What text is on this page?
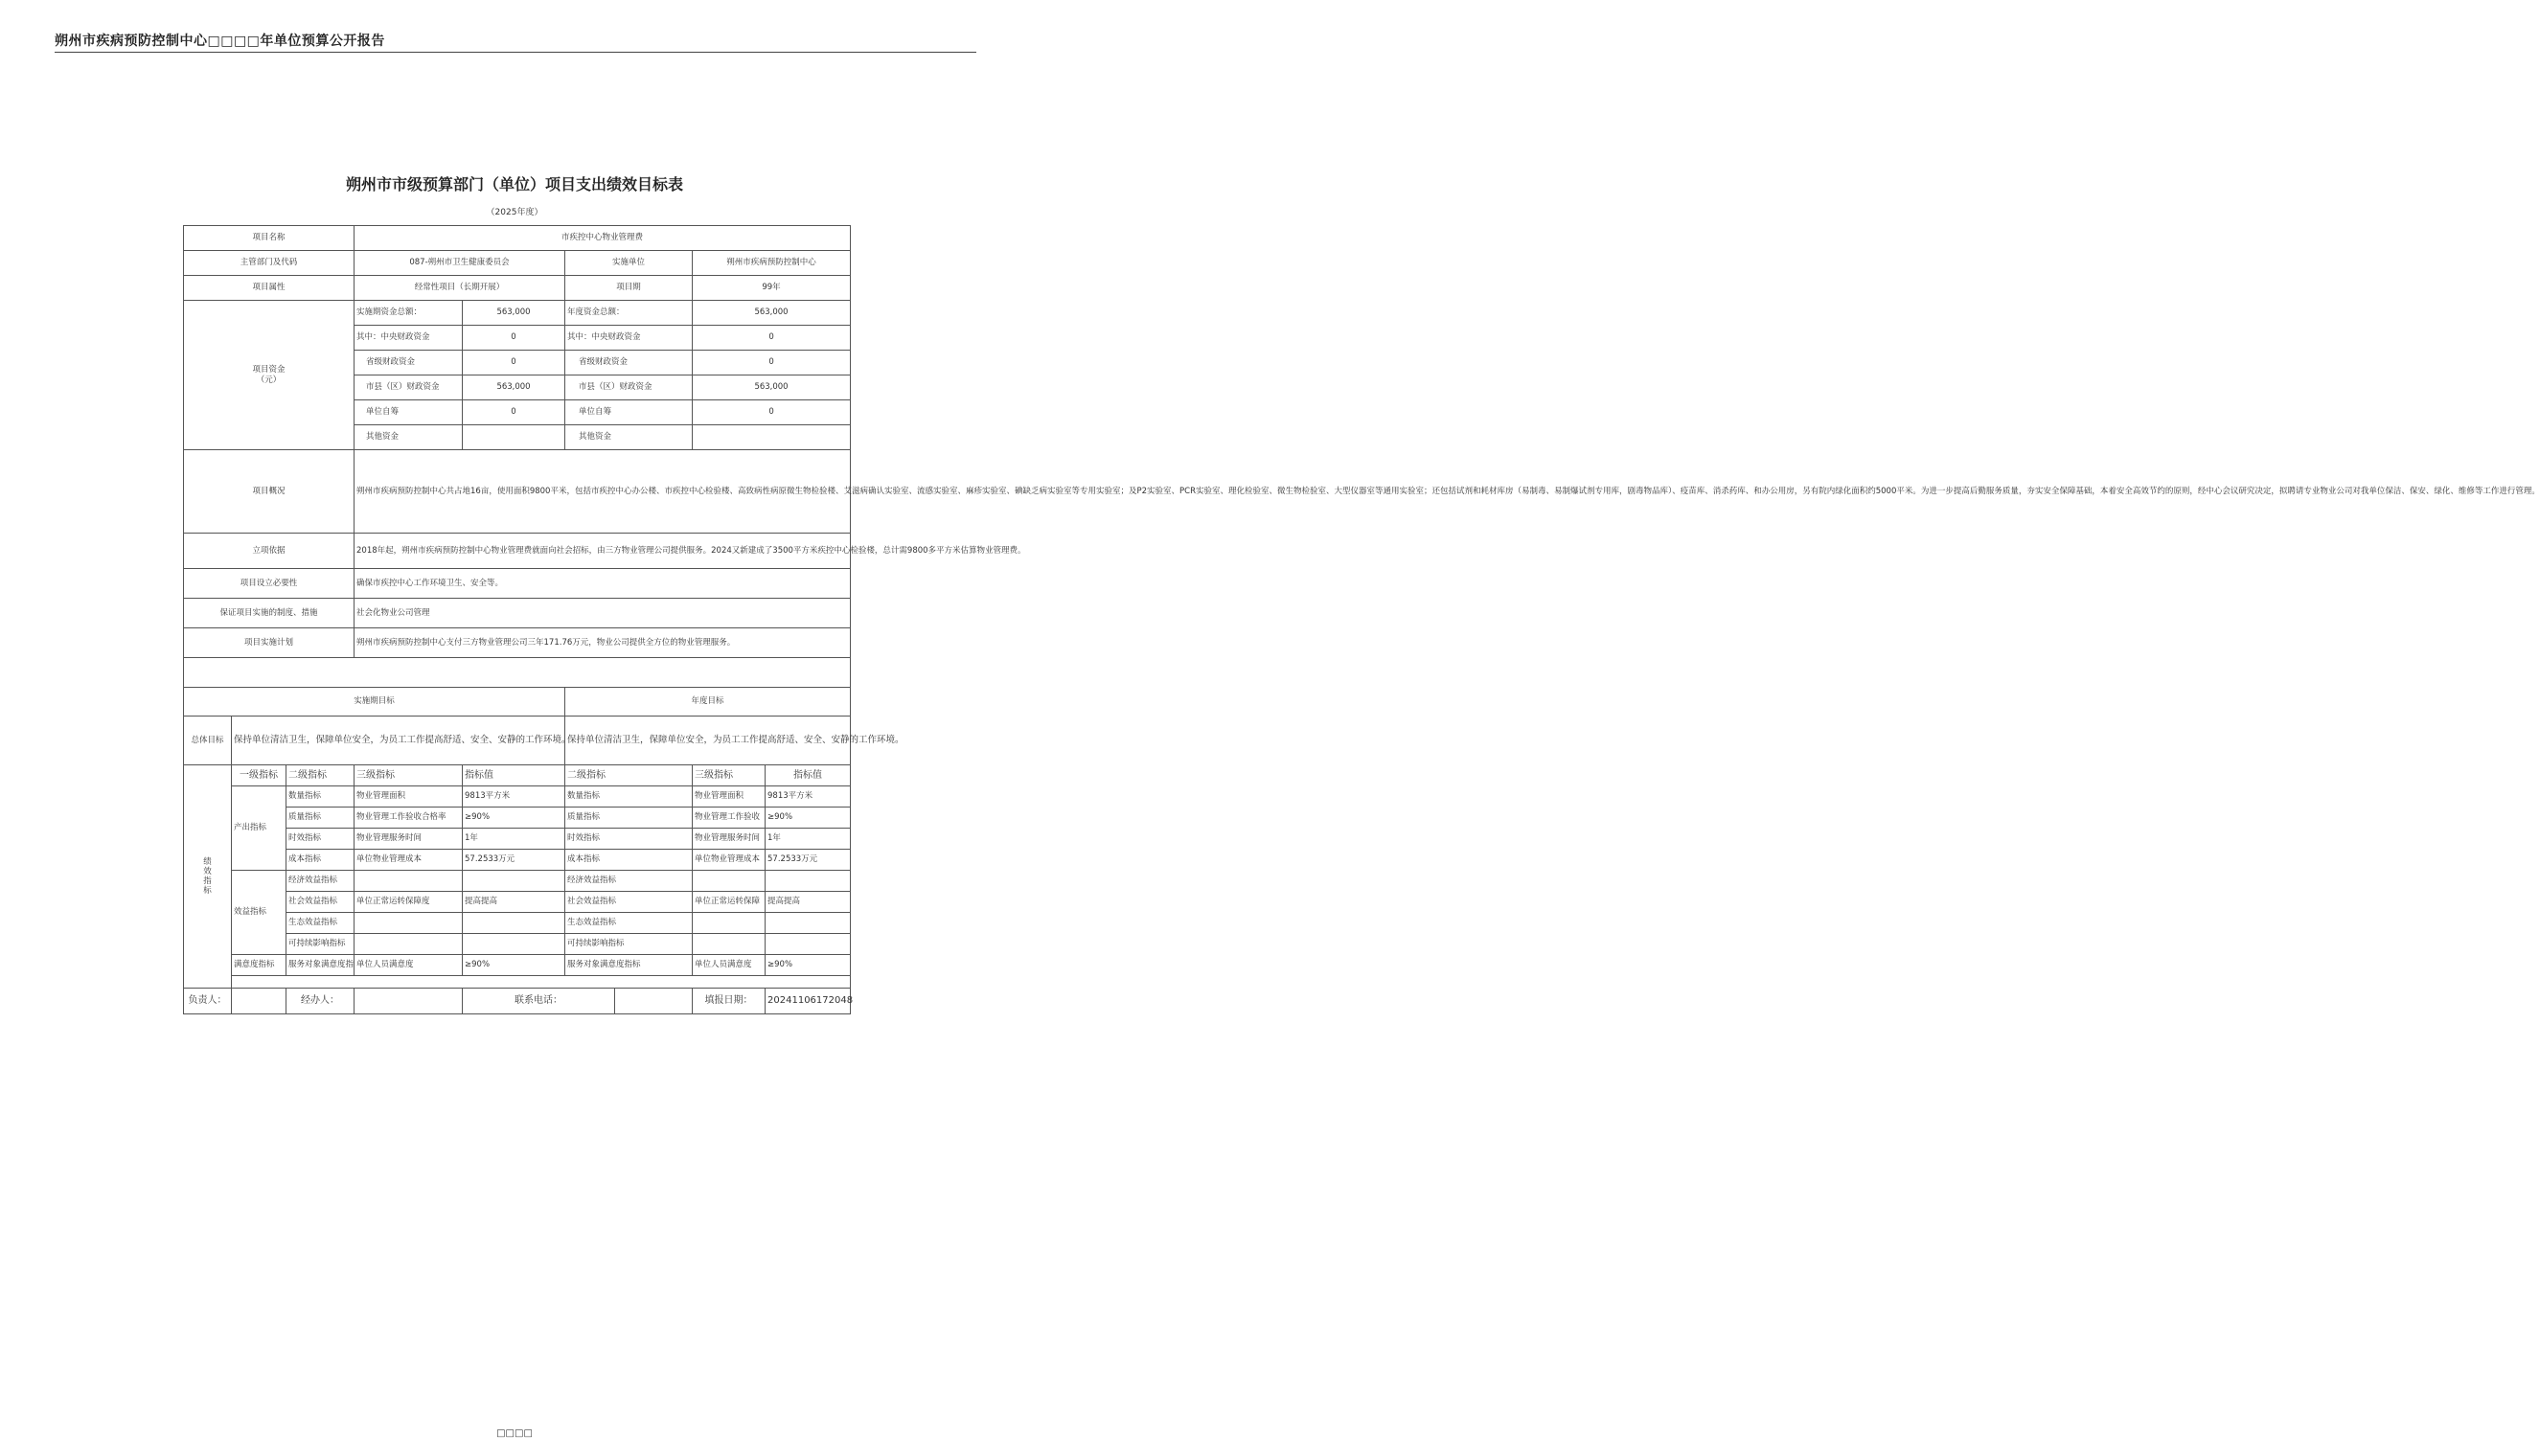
朔州市疾病预防控制中心□□□□年单位预算公开报告
朔州市市级预算部门（单位）项目支出绩效目标表
（2025年度）
项目名称			市疾控中心物业管理费					
主管部门及代码			087-朔州市卫生健康委员会		实施单位		朔州市疾病预防控制中心	
项目属性			经常性项目（长期开展）		项目期		99年	
项目资金
（元）			实施期资金总额：	563,000	年度资金总额：		563,000	
			其中：中央财政资金	0	其中：中央财政资金		0	
			省级财政资金	0	省级财政资金		0	
			市县（区）财政资金	563,000	市县（区）财政资金		563,000	
			单位自筹	0	单位自筹		0	
			其他资金		其他资金			
项目概况			朔州市疾病预防控制中心共占地16亩，使用面积9800平米，包括市疾控中心办公楼、市疾控中心检验楼、高致病性病原微生物检验楼、艾滋病确认实验室、流感实验室、麻疹实验室、碘缺乏病实验室等专用实验室；及P2实验室、PCR实验室、理化检验室、微生物检验室、大型仪器室等通用实验室；还包括试剂和耗材库房（易制毒、易制爆试剂专用库，剧毒物品库）、疫苗库、消杀药库、和办公用房，另有院内绿化面积约5000平米。为进一步提高后勤服务质量，夯实安全保障基础，本着安全高效节约的原则，经中心会议研究决定，拟聘请专业物业公司对我单位保洁、保安、绿化、维修等工作进行管理。					
立项依据			2018年起，朔州市疾病预防控制中心物业管理费就面向社会招标，由三方物业管理公司提供服务。2024又新建成了3500平方米疾控中心检验楼，总计需9800多平方米估算物业管理费。					
项目设立必要性			确保市疾控中心工作环境卫生、安全等。					
保证项目实施的制度、措施			社会化物业公司管理					
项目实施计划			朔州市疾病预防控制中心支付三方物业管理公司三年171.76万元，物业公司提供全方位的物业管理服务。					

实施期目标					年度目标			
总体目标	保持单位清洁卫生，保障单位安全，为员工工作提高舒适、安全、安静的工作环境。				保持单位清洁卫生，保障单位安全，为员工工作提高舒适、安全、安静的工作环境。			
绩
效
指
标	一级指标	二级指标	三级指标	指标值	二级指标		三级指标	指标值
	产出指标	数量指标	物业管理面积	9813平方米	数量指标		物业管理面积	9813平方米
		质量指标	物业管理工作验收合格率	≥90%	质量指标		物业管理工作验收	≥90%
		时效指标	物业管理服务时间	1年	时效指标		物业管理服务时间	1年
		成本指标	单位物业管理成本	57.2533万元	成本指标		单位物业管理成本	57.2533万元
	效益指标	经济效益指标			经济效益指标			
		社会效益指标	单位正常运转保障度	提高提高	社会效益指标		单位正常运转保障	提高提高
		生态效益指标			生态效益指标			
		可持续影响指标			可持续影响指标			
	满意度指标	服务对象满意度指	单位人员满意度	≥90%	服务对象满意度指标		单位人员满意度	≥90%

负责人：		经办人：		联系电话：			填报日期：	20241106172048
□□□□
